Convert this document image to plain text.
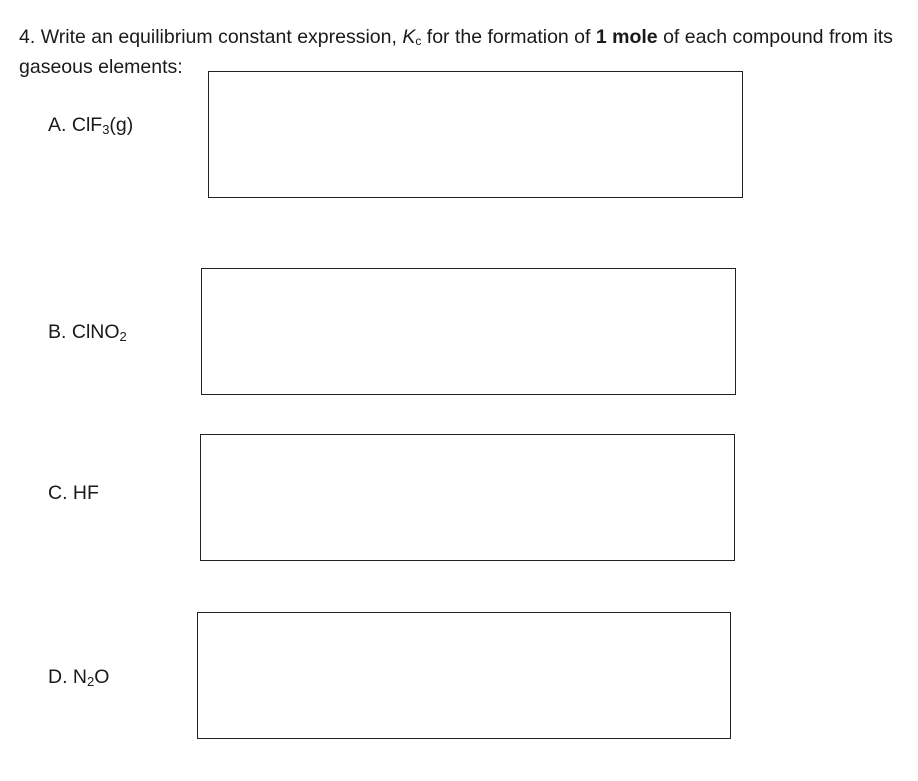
4. Write an equilibrium constant expression, $K_c$ for the formation of 1 mole of each compound from its gaseous elements:
A. ClF$_3$(g)
B. ClNO$_2$
C. HF
D. $N_2O$
